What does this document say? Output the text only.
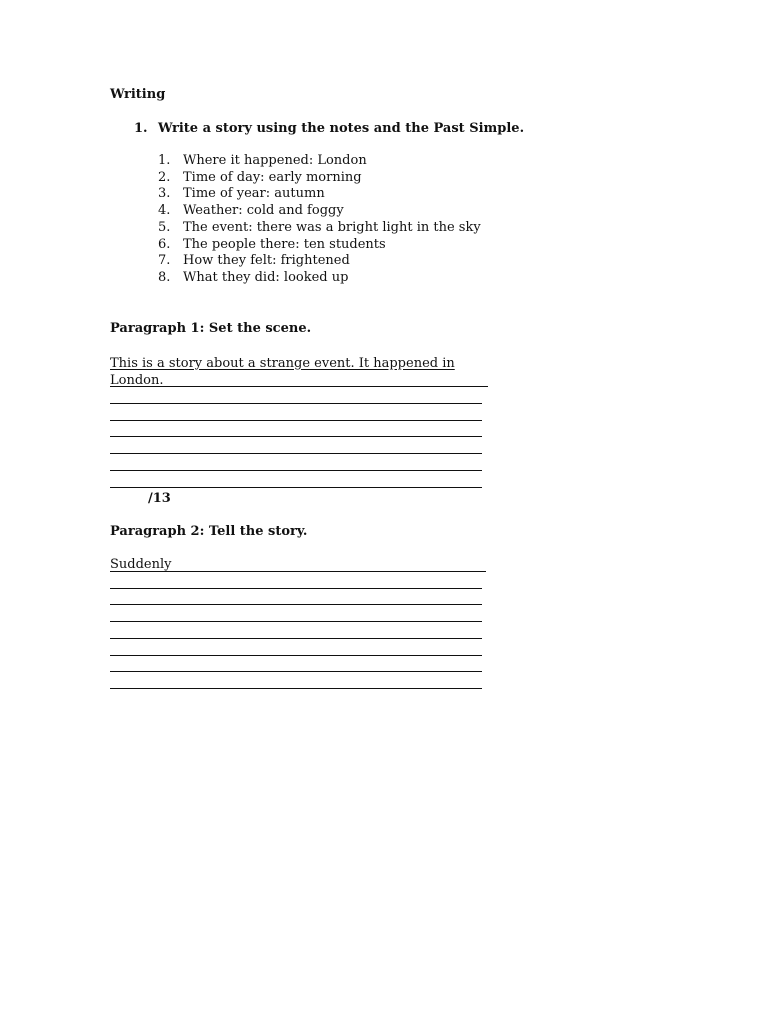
Writing
1. Write a story using the notes and the Past Simple.
1. Where it happened: London
2. Time of day: early morning
3. Time of year: autumn
4. Weather: cold and foggy
5. The event: there was a bright light in the sky
6. The people there: ten students
7. How they felt: frightened
8. What they did: looked up
Paragraph 1: Set the scene.
This is a story about a strange event. It happened in
London.
/13
Paragraph 2: Tell the story.
Suddenly
